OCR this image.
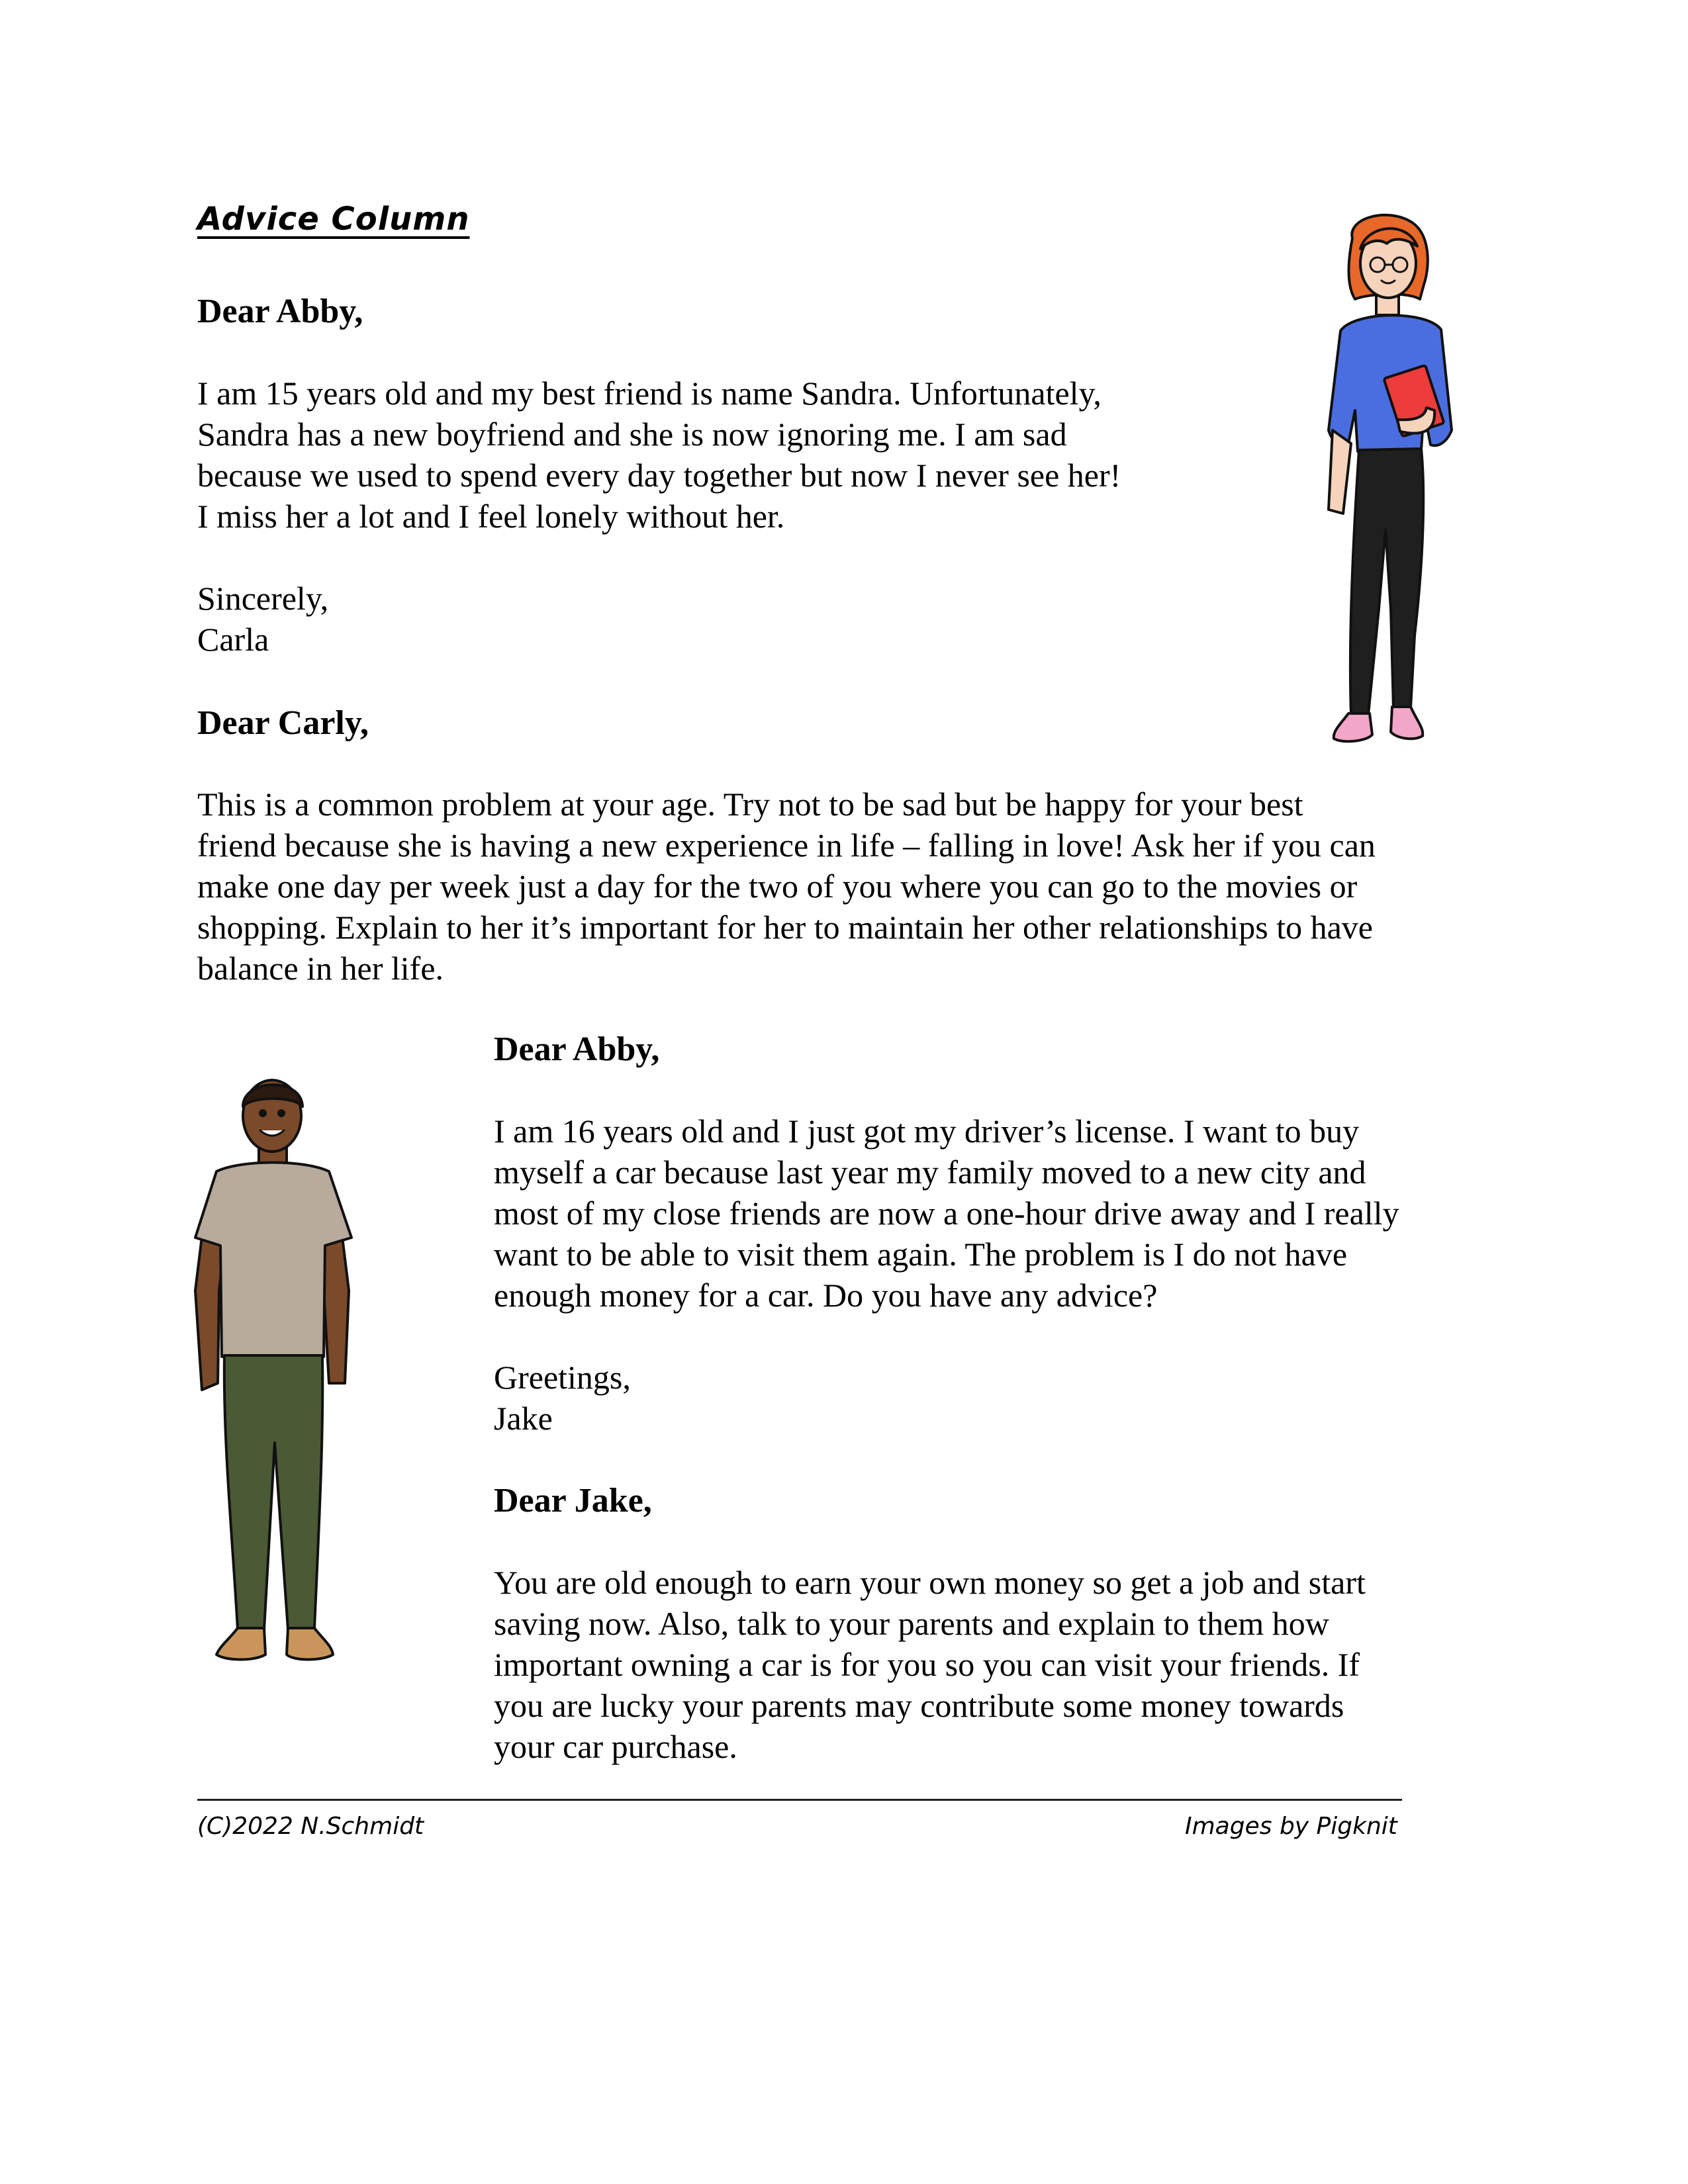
Advice Column
Dear Abby,
I am 15 years old and my best friend is name Sandra. Unfortunately,
Sandra has a new boyfriend and she is now ignoring me. I am sad
because we used to spend every day together but now I never see her!
I miss her a lot and I feel lonely without her.
Sincerely,
Carla
Dear Carly,
This is a common problem at your age. Try not to be sad but be happy for your best
friend because she is having a new experience in life – falling in love! Ask her if you can
make one day per week just a day for the two of you where you can go to the movies or
shopping. Explain to her it’s important for her to maintain her other relationships to have
balance in her life.
Dear Abby,
I am 16 years old and I just got my driver’s license. I want to buy
myself a car because last year my family moved to a new city and
most of my close friends are now a one-hour drive away and I really
want to be able to visit them again. The problem is I do not have
enough money for a car. Do you have any advice?
Greetings,
Jake
Dear Jake,
You are old enough to earn your own money so get a job and start
saving now. Also, talk to your parents and explain to them how
important owning a car is for you so you can visit your friends. If
you are lucky your parents may contribute some money towards
your car purchase.
(C)2022 N.Schmidt	Images by Pigknit
